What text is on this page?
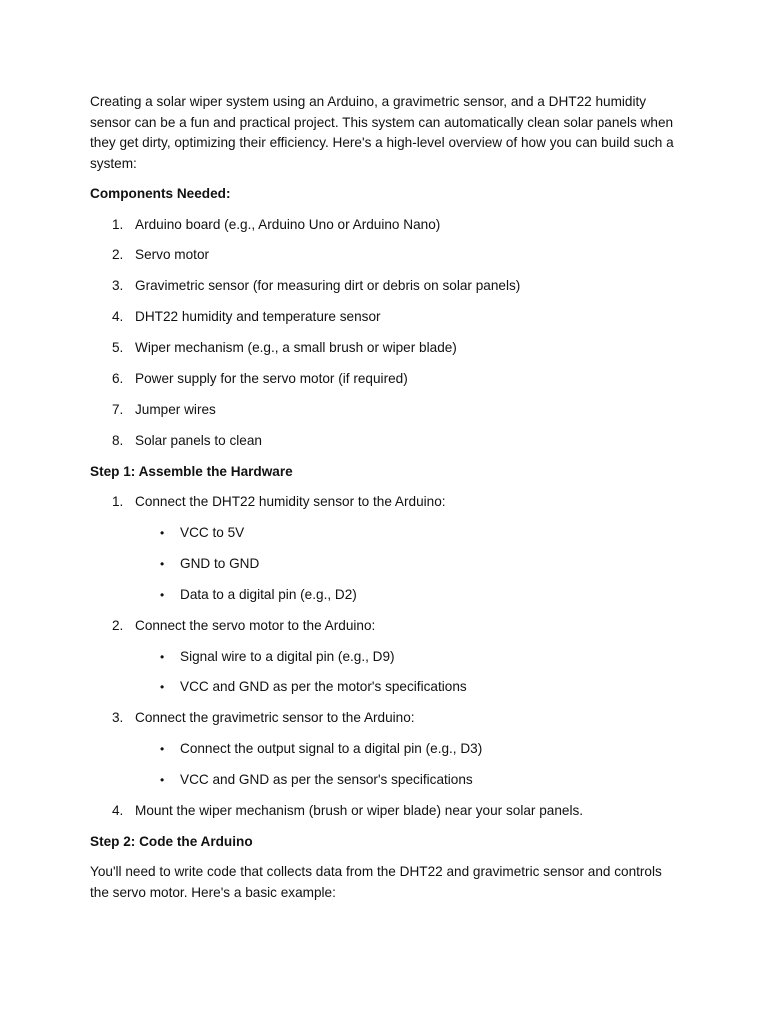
Creating a solar wiper system using an Arduino, a gravimetric sensor, and a DHT22 humidity sensor can be a fun and practical project. This system can automatically clean solar panels when they get dirty, optimizing their efficiency. Here's a high-level overview of how you can build such a system:

Components Needed:

1. Arduino board (e.g., Arduino Uno or Arduino Nano)
2. Servo motor
3. Gravimetric sensor (for measuring dirt or debris on solar panels)
4. DHT22 humidity and temperature sensor
5. Wiper mechanism (e.g., a small brush or wiper blade)
6. Power supply for the servo motor (if required)
7. Jumper wires
8. Solar panels to clean

Step 1: Assemble the Hardware

1. Connect the DHT22 humidity sensor to the Arduino:
• VCC to 5V
• GND to GND
• Data to a digital pin (e.g., D2)
2. Connect the servo motor to the Arduino:
• Signal wire to a digital pin (e.g., D9)
• VCC and GND as per the motor's specifications
3. Connect the gravimetric sensor to the Arduino:
• Connect the output signal to a digital pin (e.g., D3)
• VCC and GND as per the sensor's specifications
4. Mount the wiper mechanism (brush or wiper blade) near your solar panels.

Step 2: Code the Arduino

You'll need to write code that collects data from the DHT22 and gravimetric sensor and controls the servo motor. Here's a basic example:
